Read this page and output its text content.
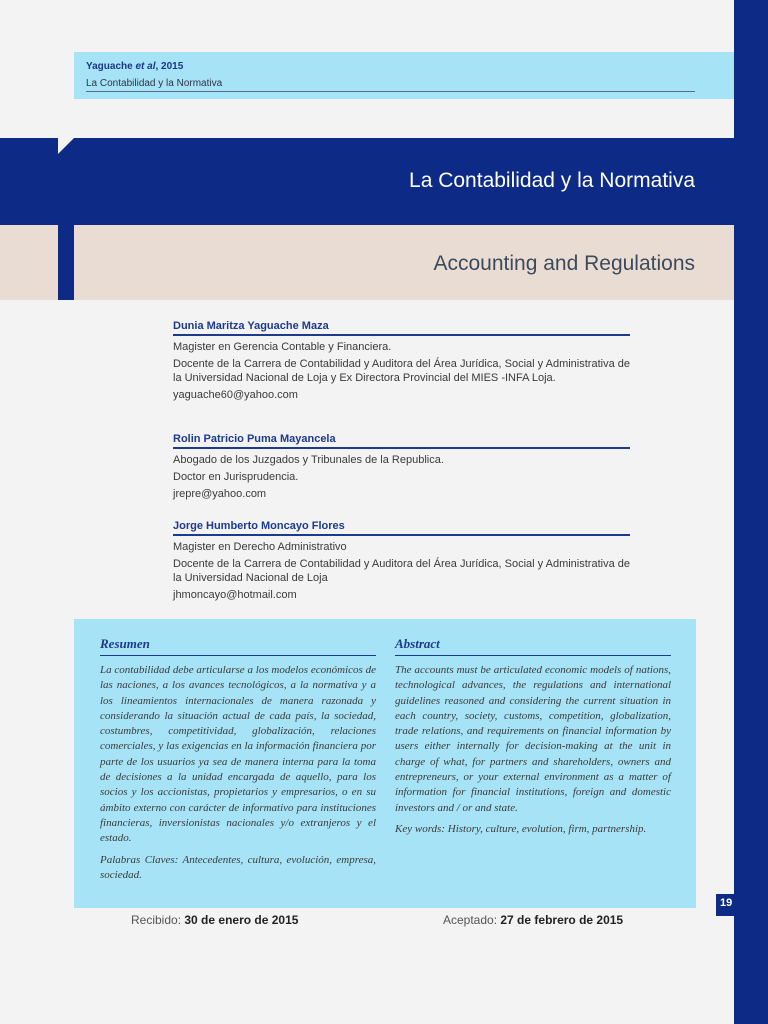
19
Yaguache et al, 2015
La Contabilidad y la Normativa
La Contabilidad y la Normativa
Accounting and Regulations
Dunia Maritza Yaguache Maza
Magister en Gerencia Contable y Financiera.
Docente de la Carrera de Contabilidad y Auditora del Área Jurídica, Social y Administrativa de la Universidad Nacional de Loja y Ex Directora Provincial del MIES -INFA Loja.
yaguache60@yahoo.com
Rolin Patricio Puma Mayancela
Abogado de los Juzgados y Tribunales de la Republica.
Doctor en Jurisprudencia.
jrepre@yahoo.com
Jorge Humberto Moncayo Flores
Magister en Derecho Administrativo
Docente de la Carrera de Contabilidad y Auditora del Área Jurídica, Social y Administrativa de la Universidad Nacional de Loja
jhmoncayo@hotmail.com
Resumen

La contabilidad debe articularse a los modelos económicos de las naciones, a los avances tecnológicos, a la normativa y a los lineamientos internacionales de manera razonada y considerando la situación actual de cada país, la sociedad, costumbres, competitividad, globalización, relaciones comerciales, y las exigencias en la información financiera por parte de los usuarios ya sea de manera interna para la toma de decisiones a la unidad encargada de aquello, para los socios y los accionistas, propietarios y empresarios, o en su ámbito externo con carácter de informativo para instituciones financieras, inversionistas nacionales y/o extranjeros y el estado.

Palabras Claves: Antecedentes, cultura, evolución, empresa, sociedad.

Abstract

The accounts must be articulated economic models of nations, technological advances, the regulations and international guidelines reasoned and considering the current situation in each country, society, customs, competition, globalization, trade relations, and requirements on financial information by users either internally for decision-making at the unit in charge of what, for partners and shareholders, owners and entrepreneurs, or your external environment as a matter of information for financial institutions, foreign and domestic investors and / or and state.

Key words: History, culture, evolution, firm, partnership.

Recibido: 30 de enero de 2015	Aceptado: 27 de febrero de 2015
